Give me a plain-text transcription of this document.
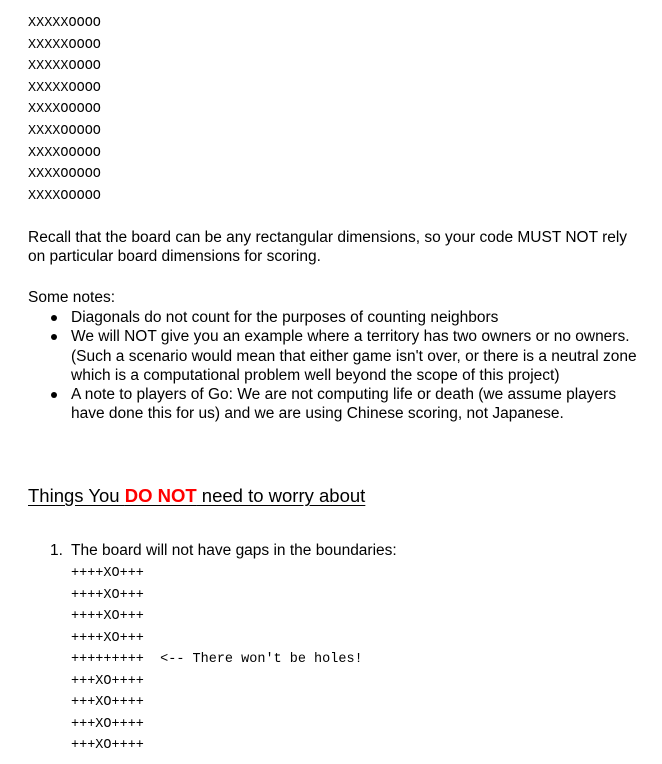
XXXXXOOOO
XXXXXOOOO
XXXXXOOOO
XXXXXOOOO
XXXXOOOOO
XXXXOOOOO
XXXXOOOOO
XXXXOOOOO
XXXXOOOOO
Recall that the board can be any rectangular dimensions, so your code MUST NOT rely on particular board dimensions for scoring.
Some notes:
Diagonals do not count for the purposes of counting neighbors
We will NOT give you an example where a territory has two owners or no owners. (Such a scenario would mean that either game isn't over, or there is a neutral zone which is a computational problem well beyond the scope of this project)
A note to players of Go: We are not computing life or death (we assume players have done this for us) and we are using Chinese scoring, not Japanese.
Things You DO NOT need to worry about
1. The board will not have gaps in the boundaries:
++++XO+++
++++XO+++
++++XO+++
++++XO+++
+++++++++ <-- There won't be holes!
+++XO++++
+++XO++++
+++XO++++
+++XO++++
